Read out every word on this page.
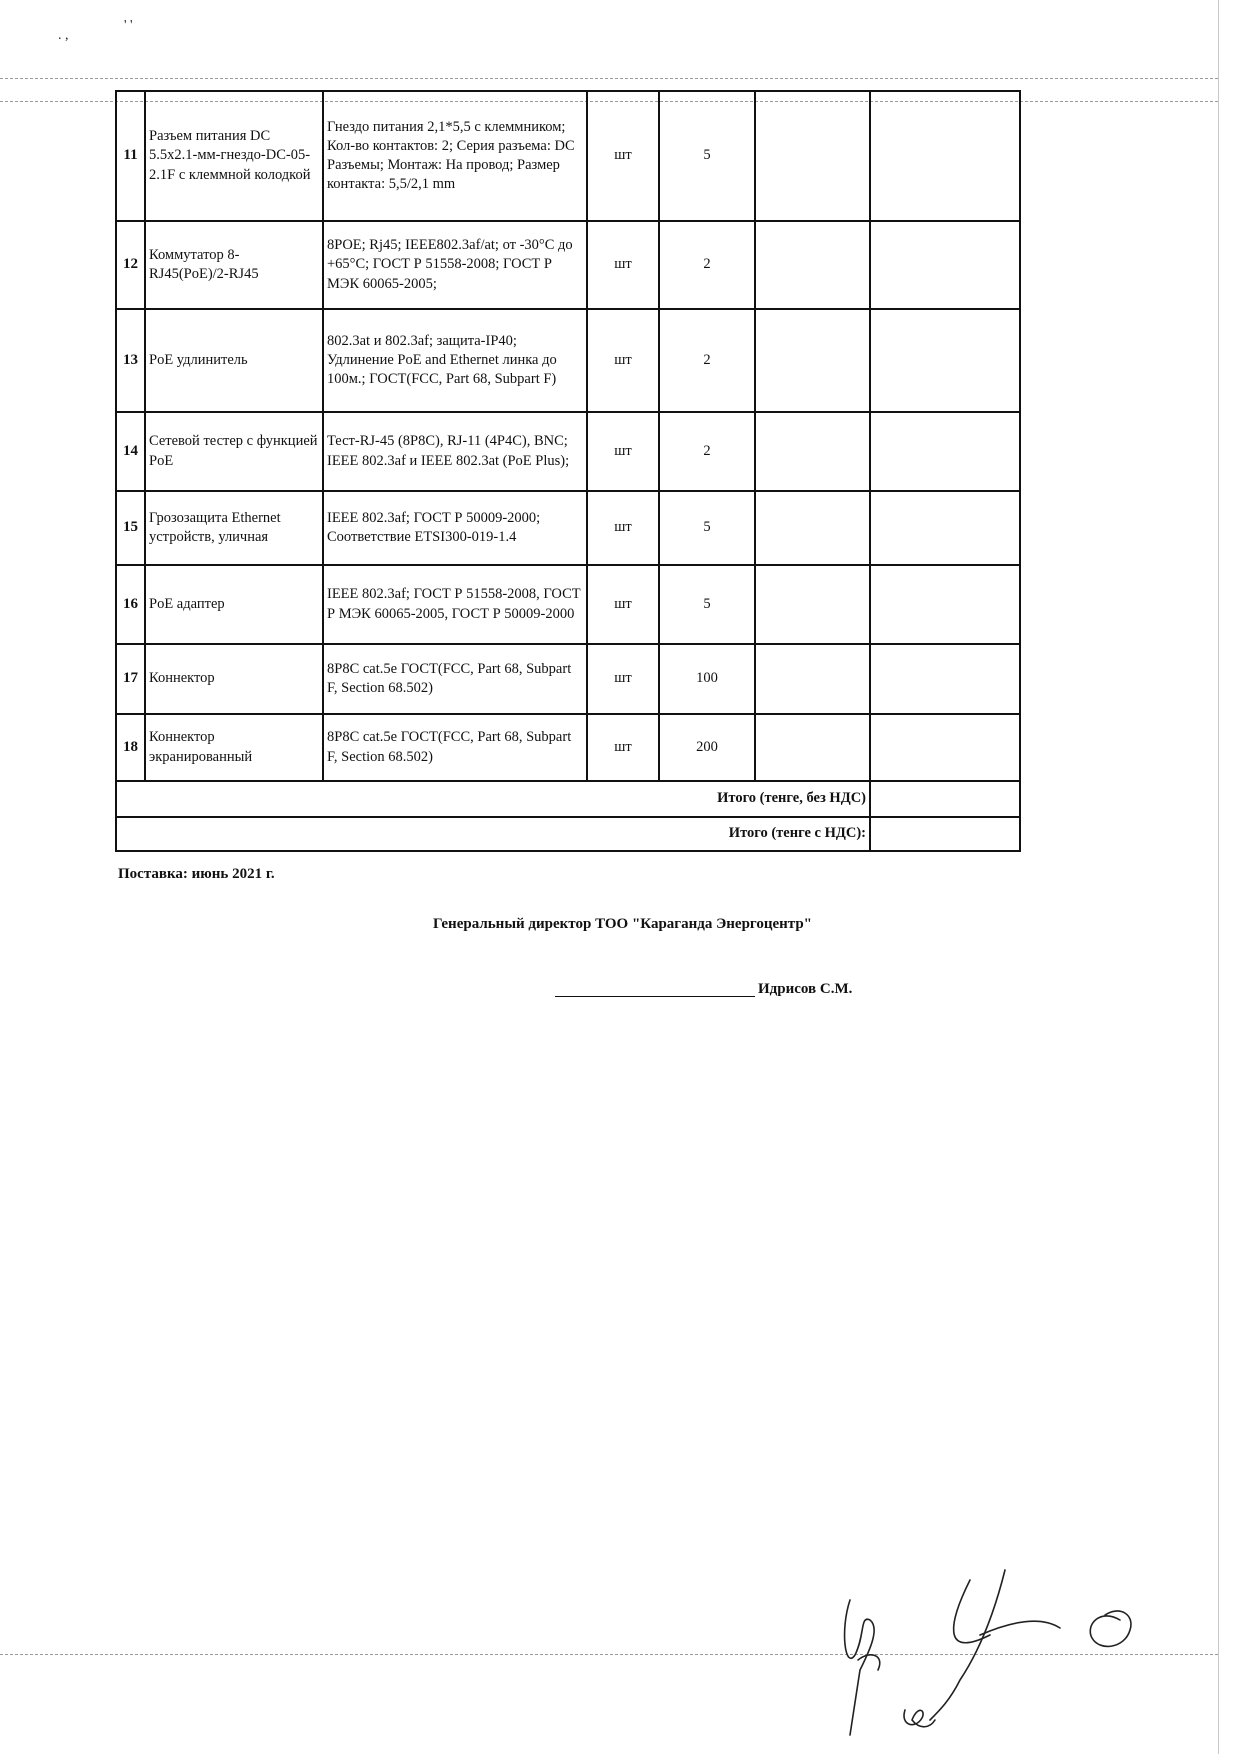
. ,
' '
11	Разъем питания DC 5.5x2.1-мм-гнездо-DC-05-2.1F с клеммной колодкой	Гнездо питания 2,1*5,5 с клеммником; Кол-во контактов: 2; Серия разъема: DC Разъемы; Монтаж: На провод; Размер контакта: 5,5/2,1 mm	шт	5		
12	Коммутатор 8-RJ45(PoE)/2-RJ45	8POE; Rj45; IEEE802.3af/at; от -30°C до +65°C; ГОСТ Р 51558-2008; ГОСТ Р МЭК 60065-2005;	шт	2		
13	PoE удлинитель	802.3at и 802.3af; защита-IP40; Удлинение PoE and Ethernet линка до 100м.; ГОСТ(FCC, Part 68, Subpart F)	шт	2		
14	Сетевой тестер с функцией PoE	Тест-RJ-45 (8P8C), RJ-11 (4P4C), BNC; IEEE 802.3af и IEEE 802.3at (PoE Plus);	шт	2		
15	Грозозащита Ethernet устройств, уличная	IEEE 802.3af; ГОСТ Р 50009-2000; Соответствие ETSI300-019-1.4	шт	5		
16	PoE адаптер	IEEE 802.3af; ГОСТ Р 51558-2008, ГОСТ Р МЭК 60065-2005, ГОСТ Р 50009-2000	шт	5		
17	Коннектор	8P8C cat.5e ГОСТ(FCC, Part 68, Subpart F, Section 68.502)	шт	100		
18	Коннектор экранированный	8P8C cat.5e ГОСТ(FCC, Part 68, Subpart F, Section 68.502)	шт	200		
Итого (тенге, без НДС)						
Итого (тенге с НДС):						
Поставка: июнь 2021 г.
Генеральный директор ТОО "Караганда Энергоцентр"
Идрисов С.М.
